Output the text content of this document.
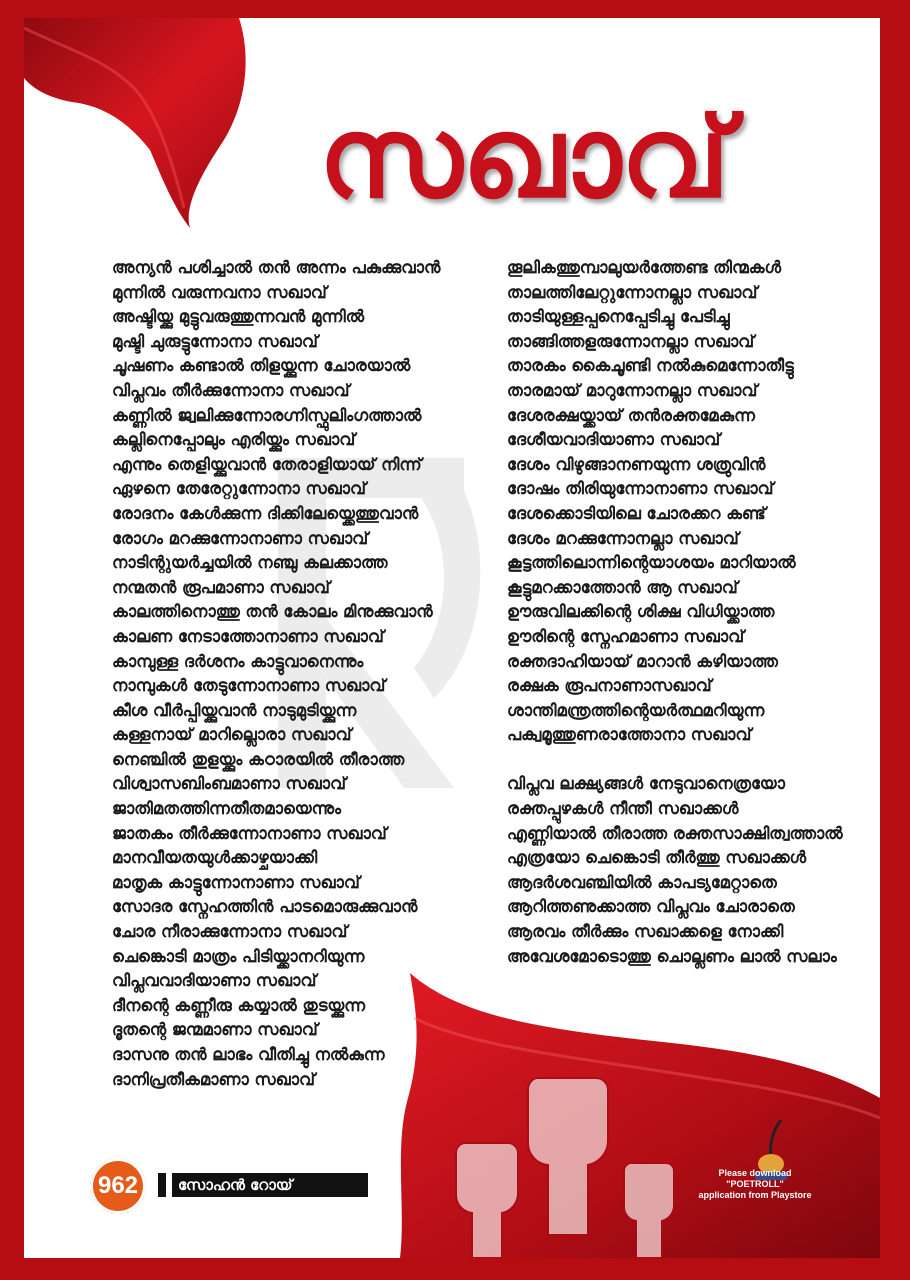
സഖാവ്
അന്യൻ പശിച്ചാൽ തൻ അന്നം പകുക്കുവാൻ
മുന്നിൽ വരുന്നവനാ സഖാവ്
അഷ്ടിയ്ക്കു മുട്ടുവരുത്തുന്നവൻ മുന്നിൽ
മുഷ്ടി ചുരുട്ടുന്നോനാ സഖാവ്
ചൂഷണം കണ്ടാൽ തിളയ്ക്കുന്ന ചോരയാൽ
വിപ്ലവം തീർക്കുന്നോനാ സഖാവ്
കണ്ണിൽ ജ്വലിക്കുന്നോരഗ്നിസ്ഫുലിംഗത്താൽ
കല്ലിനെപ്പോലും എരിയ്ക്കും സഖാവ്
എന്നും തെളിയ്ക്കുവാൻ തേരാളിയായ് നിന്ന്
ഏഴനെ തേരേറ്റുന്നോനാ സഖാവ്
രോദനം കേൾക്കുന്ന ദിക്കിലേയ്ക്കെത്തുവാൻ
രോഗം മറക്കുന്നോനാണാ സഖാവ്
നാടിന്റുയർച്ചയിൽ നഞ്ചു കലക്കാത്ത
നന്മതൻ രൂപമാണാ സഖാവ്
കാലത്തിനൊത്തു തൻ കോലം മിനുക്കുവാൻ
കാലണ നേടാത്തോനാണാ സഖാവ്
കാമ്പുള്ള ദർശനം കാട്ടുവാനെന്നും
നാമ്പുകൾ തേടുന്നോനാണാ സഖാവ്
കീശ വീർപ്പിയ്ക്കുവാൻ നാടുമുടിയ്ക്കുന്ന
കള്ളനായ് മാറില്ലൊരാ സഖാവ്
നെഞ്ചിൽ തുളയ്ക്കും കഠാരയിൽ തീരാത്ത
വിശ്വാസബിംബമാണാ സഖാവ്
ജാതിമതത്തിന്നതീതമായെന്നും
ജാതകം തീർക്കുന്നോനാണാ സഖാവ്
മാനവീയതയുൾക്കാഴ്ചയാക്കി
മാതൃക കാട്ടുന്നോനാണാ സഖാവ്
സോദര സ്നേഹത്തിൻ പാടമൊരുക്കുവാൻ
ചോര നീരാക്കുന്നോനാ സഖാവ്
ചെങ്കൊടി മാത്രം പിടിയ്ക്കാനറിയുന്ന
വിപ്ലവവാദിയാണാ സഖാവ്
ദീനന്റെ കണ്ണീരു കയ്യാൽ തുടയ്ക്കുന്ന
ദൂതന്റെ ജന്മമാണാ സഖാവ്
ദാസനു തൻ ലാഭം വീതിച്ചു നൽകുന്ന
ദാനിപ്രതീകമാണാ സഖാവ്
തൂലികത്തുമ്പാലുയർത്തേണ്ട തിന്മകൾ
താലത്തിലേറ്റുന്നോനല്ലാ സഖാവ്
താടിയുള്ളപ്പനെപ്പേടിച്ചു പേടിച്ചു
താങ്ങിത്തളരുന്നോനല്ലാ സഖാവ്
താരകം കൈചൂണ്ടി നൽകുമെന്നോതീട്ടു
താരമായ് മാറുന്നോനല്ലാ സഖാവ്
ദേശരക്ഷയ്ക്കായ് തൻരക്തമേകുന്ന
ദേശീയവാദിയാണാ സഖാവ്
ദേശം വിഴുങ്ങാനണയുന്ന ശത്രുവിൻ
ദോഷം തിരിയുന്നോനാണാ സഖാവ്
ദേശക്കൊടിയിലെ ചോരക്കറ കണ്ട്
ദേശം മറക്കുന്നോനല്ലാ സഖാവ്
കൂട്ടത്തിലൊന്നിന്റെയാശയം മാറിയാൽ
കൂട്ടുമറക്കാത്തോൻ ആ സഖാവ്
ഊരുവിലക്കിന്റെ ശിക്ഷ വിധിയ്ക്കാത്ത
ഊരിന്റെ സ്നേഹമാണാ സഖാവ്
രക്തദാഹിയായ് മാറാൻ കഴിയാത്ത
രക്ഷക രൂപനാണാസഖാവ്
ശാന്തിമന്ത്രത്തിന്റെയർത്ഥമറിയുന്ന
പക്വമൂത്തുണരാത്തോനാ സഖാവ്
വിപ്ലവ ലക്ഷ്യങ്ങൾ നേടുവാനെത്രയോ
രക്തപ്പുഴകൾ നീന്തീ സഖാക്കൾ
എണ്ണിയാൽ തീരാത്ത രക്തസാക്ഷിത്വത്താൽ
എത്രയോ ചെങ്കൊടി തീർത്തു സഖാക്കൾ
ആദർശവഞ്ചിയിൽ കാപട്യമേറ്റാതെ
ആറിത്തണുക്കാത്ത വിപ്ലവം ചോരാതെ
ആരവം തീർക്കും സഖാക്കളെ നോക്കി
അവേശമോടൊത്തു ചൊല്ലണം ലാൽ സലാം
962	സോഹൻ റോയ്
Please download
"POETROLL"
application from Playstore
